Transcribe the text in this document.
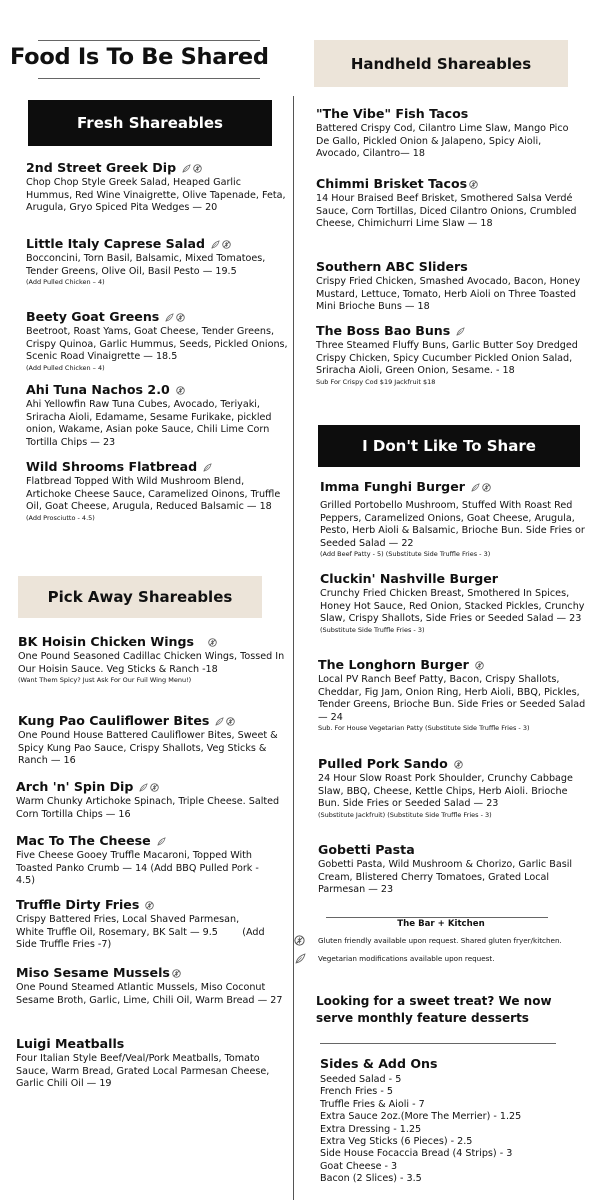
Food Is To Be Shared
Fresh Shareables
2nd Street Greek Dip
Chop Chop Style Greek Salad, Heaped Garlic Hummus, Red Wine Vinaigrette, Olive Tapenade, Feta, Arugula, Gryo Spiced Pita Wedges — 20
Little Italy Caprese Salad
Bocconcini, Torn Basil, Balsamic, Mixed Tomatoes, Tender Greens, Olive Oil, Basil Pesto — 19.5
(Add Pulled Chicken – 4)
Beety Goat Greens
Beetroot, Roast Yams, Goat Cheese, Tender Greens, Crispy Quinoa, Garlic Hummus, Seeds, Pickled Onions, Scenic Road Vinaigrette — 18.5
(Add Pulled Chicken – 4)
Ahi Tuna Nachos 2.0
Ahi Yellowfin Raw Tuna Cubes, Avocado, Teriyaki, Sriracha Aioli, Edamame, Sesame Furikake, pickled onion, Wakame, Asian poke Sauce, Chili Lime Corn Tortilla Chips — 23
Wild Shrooms Flatbread
Flatbread Topped With Wild Mushroom Blend, Artichoke Cheese Sauce, Caramelized Oinons, Truffle Oil, Goat Cheese, Arugula, Reduced Balsamic — 18
(Add Prosciutto - 4.5)
Pick Away Shareables
BK Hoisin Chicken Wings
One Pound Seasoned Cadillac Chicken Wings, Tossed In Our Hoisin Sauce. Veg Sticks & Ranch -18
(Want Them Spicy? Just Ask For Our Fuil Wing Menu!)
Kung Pao Cauliflower Bites
One Pound House Battered Cauliflower Bites, Sweet & Spicy Kung Pao Sauce, Crispy Shallots, Veg Sticks & Ranch — 16
Arch 'n' Spin Dip
Warm Chunky Artichoke Spinach, Triple Cheese. Salted Corn Tortilla Chips — 16
Mac To The Cheese
Five Cheese Gooey Truffle Macaroni, Topped With Toasted Panko Crumb — 14 (Add BBQ Pulled Pork - 4.5)
Truffle Dirty Fries
Crispy Battered Fries, Local Shaved Parmesan, White Truffle Oil, Rosemary, BK Salt — 9.5        (Add Side Truffle Fries -7)
Miso Sesame Mussels
One Pound Steamed Atlantic Mussels, Miso Coconut Sesame Broth, Garlic, Lime, Chili Oil, Warm Bread — 27
Luigi Meatballs
Four Italian Style Beef/Veal/Pork Meatballs, Tomato Sauce, Warm Bread, Grated Local Parmesan Cheese, Garlic Chili Oil — 19
Handheld Shareables
"The Vibe" Fish Tacos
Battered Crispy Cod, Cilantro Lime Slaw, Mango Pico De Gallo, Pickled Onion & Jalapeno, Spicy Aioli, Avocado, Cilantro— 18
Chimmi Brisket Tacos
14 Hour Braised Beef Brisket, Smothered Salsa Verdé Sauce, Corn Tortillas, Diced Cilantro Onions, Crumbled Cheese, Chimichurri Lime Slaw — 18
Southern ABC Sliders
Crispy Fried Chicken, Smashed Avocado, Bacon, Honey Mustard, Lettuce, Tomato, Herb Aioli on Three Toasted Mini Brioche Buns — 18
The Boss Bao Buns
Three Steamed Fluffy Buns, Garlic Butter Soy Dredged Crispy Chicken, Spicy Cucumber Pickled Onion Salad, Sriracha Aioli, Green Onion, Sesame. - 18
Sub For Crispy Cod $19 Jackfruit $18
I Don't Like To Share
Imma Funghi Burger
Grilled Portobello Mushroom, Stuffed With Roast Red Peppers, Caramelized Onions, Goat Cheese, Arugula, Pesto, Herb Aioli & Balsamic, Brioche Bun. Side Fries or Seeded Salad — 22
(Add Beef Patty - 5) (Substitute Side Truffle Fries - 3)
Cluckin' Nashville Burger
Crunchy Fried Chicken Breast, Smothered In Spices, Honey Hot Sauce, Red Onion, Stacked Pickles, Crunchy Slaw, Crispy Shallots, Side Fries or Seeded Salad — 23
(Substitute Side Truffle Fries - 3)
The Longhorn Burger
Local PV Ranch Beef Patty, Bacon, Crispy Shallots, Cheddar, Fig Jam, Onion Ring, Herb Aioli, BBQ, Pickles, Tender Greens, Brioche Bun. Side Fries or Seeded Salad— 24
Sub. For House Vegetarian Patty (Substitute Side Truffle Fries - 3)
Pulled Pork Sando
24 Hour Slow Roast Pork Shoulder, Crunchy Cabbage Slaw, BBQ, Cheese, Kettle Chips, Herb Aioli. Brioche Bun. Side Fries or Seeded Salad — 23
(Substitute Jackfruit) (Substitute Side Truffle Fries - 3)
Gobetti Pasta
Gobetti Pasta, Wild Mushroom & Chorizo, Garlic Basil Cream, Blistered Cherry Tomatoes, Grated Local Parmesan — 23
The Bar + Kitchen
Gluten friendly available upon request. Shared gluten fryer/kitchen.
Vegetarian modifications available upon request.
Looking for a sweet treat? We now serve monthly feature desserts
Sides & Add Ons
Seeded Salad - 5
French Fries - 5
Truffle Fries & Aioli - 7
Extra Sauce 2oz.(More The Merrier) - 1.25
Extra Dressing - 1.25
Extra Veg Sticks (6 Pieces) - 2.5
Side House Focaccia Bread (4 Strips) - 3
Goat Cheese - 3
Bacon (2 Slices) - 3.5
